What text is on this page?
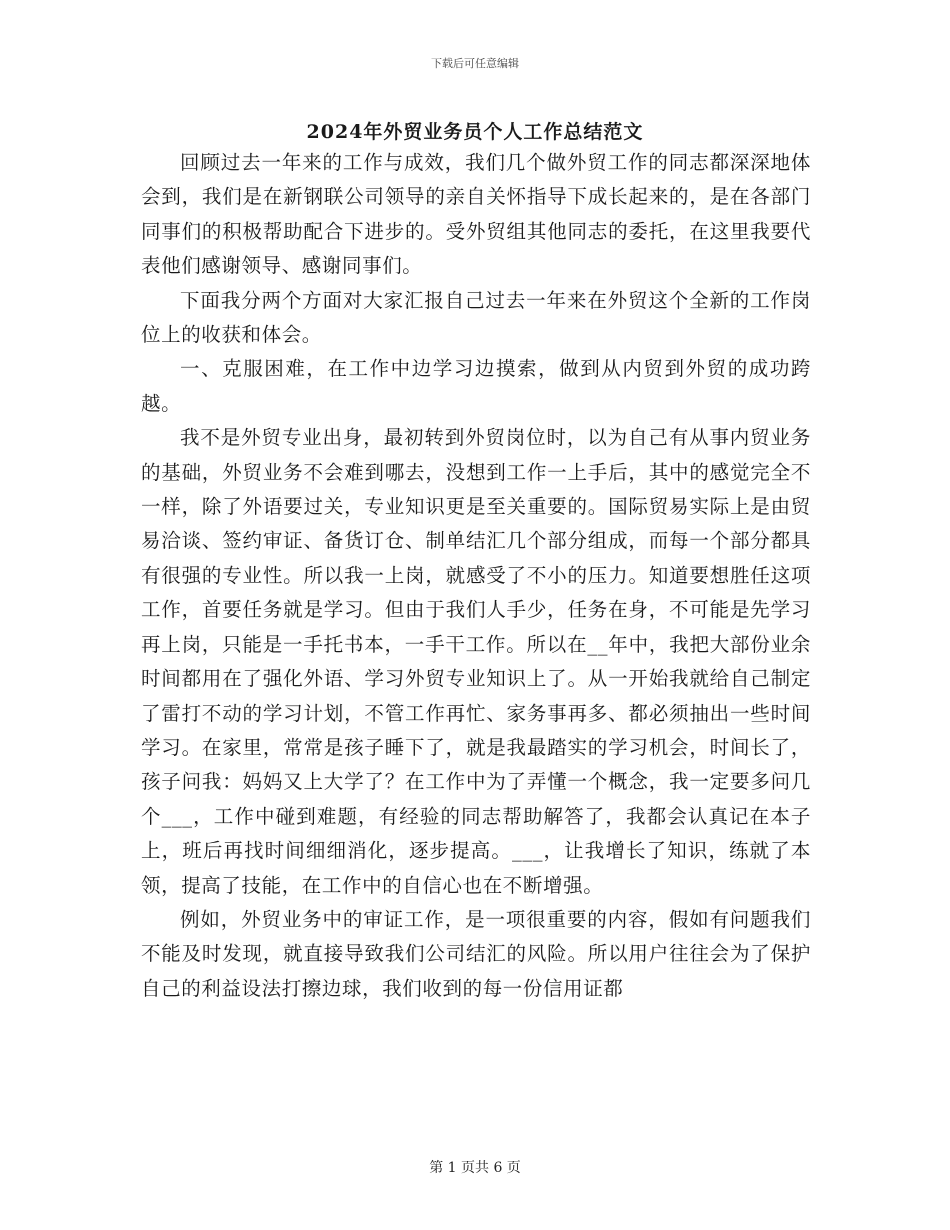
下载后可任意编辑
2024年外贸业务员个人工作总结范文

回顾过去一年来的工作与成效，我们几个做外贸工作的同志都深深地体会到，我们是在新钢联公司领导的亲自关怀指导下成长起来的，是在各部门同事们的积极帮助配合下进步的。受外贸组其他同志的委托，在这里我要代表他们感谢领导、感谢同事们。

下面我分两个方面对大家汇报自己过去一年来在外贸这个全新的工作岗位上的收获和体会。

一、克服困难，在工作中边学习边摸索，做到从内贸到外贸的成功跨越。

我不是外贸专业出身，最初转到外贸岗位时，以为自己有从事内贸业务的基础，外贸业务不会难到哪去，没想到工作一上手后，其中的感觉完全不一样，除了外语要过关，专业知识更是至关重要的。国际贸易实际上是由贸易洽谈、签约审证、备货订仓、制单结汇几个部分组成，而每一个部分都具有很强的专业性。所以我一上岗，就感受了不小的压力。知道要想胜任这项工作，首要任务就是学习。但由于我们人手少，任务在身，不可能是先学习再上岗，只能是一手托书本，一手干工作。所以在__年中，我把大部份业余时间都用在了强化外语、学习外贸专业知识上了。从一开始我就给自己制定了雷打不动的学习计划，不管工作再忙、家务事再多、都必须抽出一些时间学习。在家里，常常是孩子睡下了，就是我最踏实的学习机会，时间长了，孩子问我：妈妈又上大学了？在工作中为了弄懂一个概念，我一定要多问几个___，工作中碰到难题，有经验的同志帮助解答了，我都会认真记在本子上，班后再找时间细细消化，逐步提高。___，让我增长了知识，练就了本领，提高了技能，在工作中的自信心也在不断增强。

例如，外贸业务中的审证工作，是一项很重要的内容，假如有问题我们不能及时发现，就直接导致我们公司结汇的风险。所以用户往往会为了保护自己的利益设法打擦边球，我们收到的每一份信用证都

第 1 页共 6 页
